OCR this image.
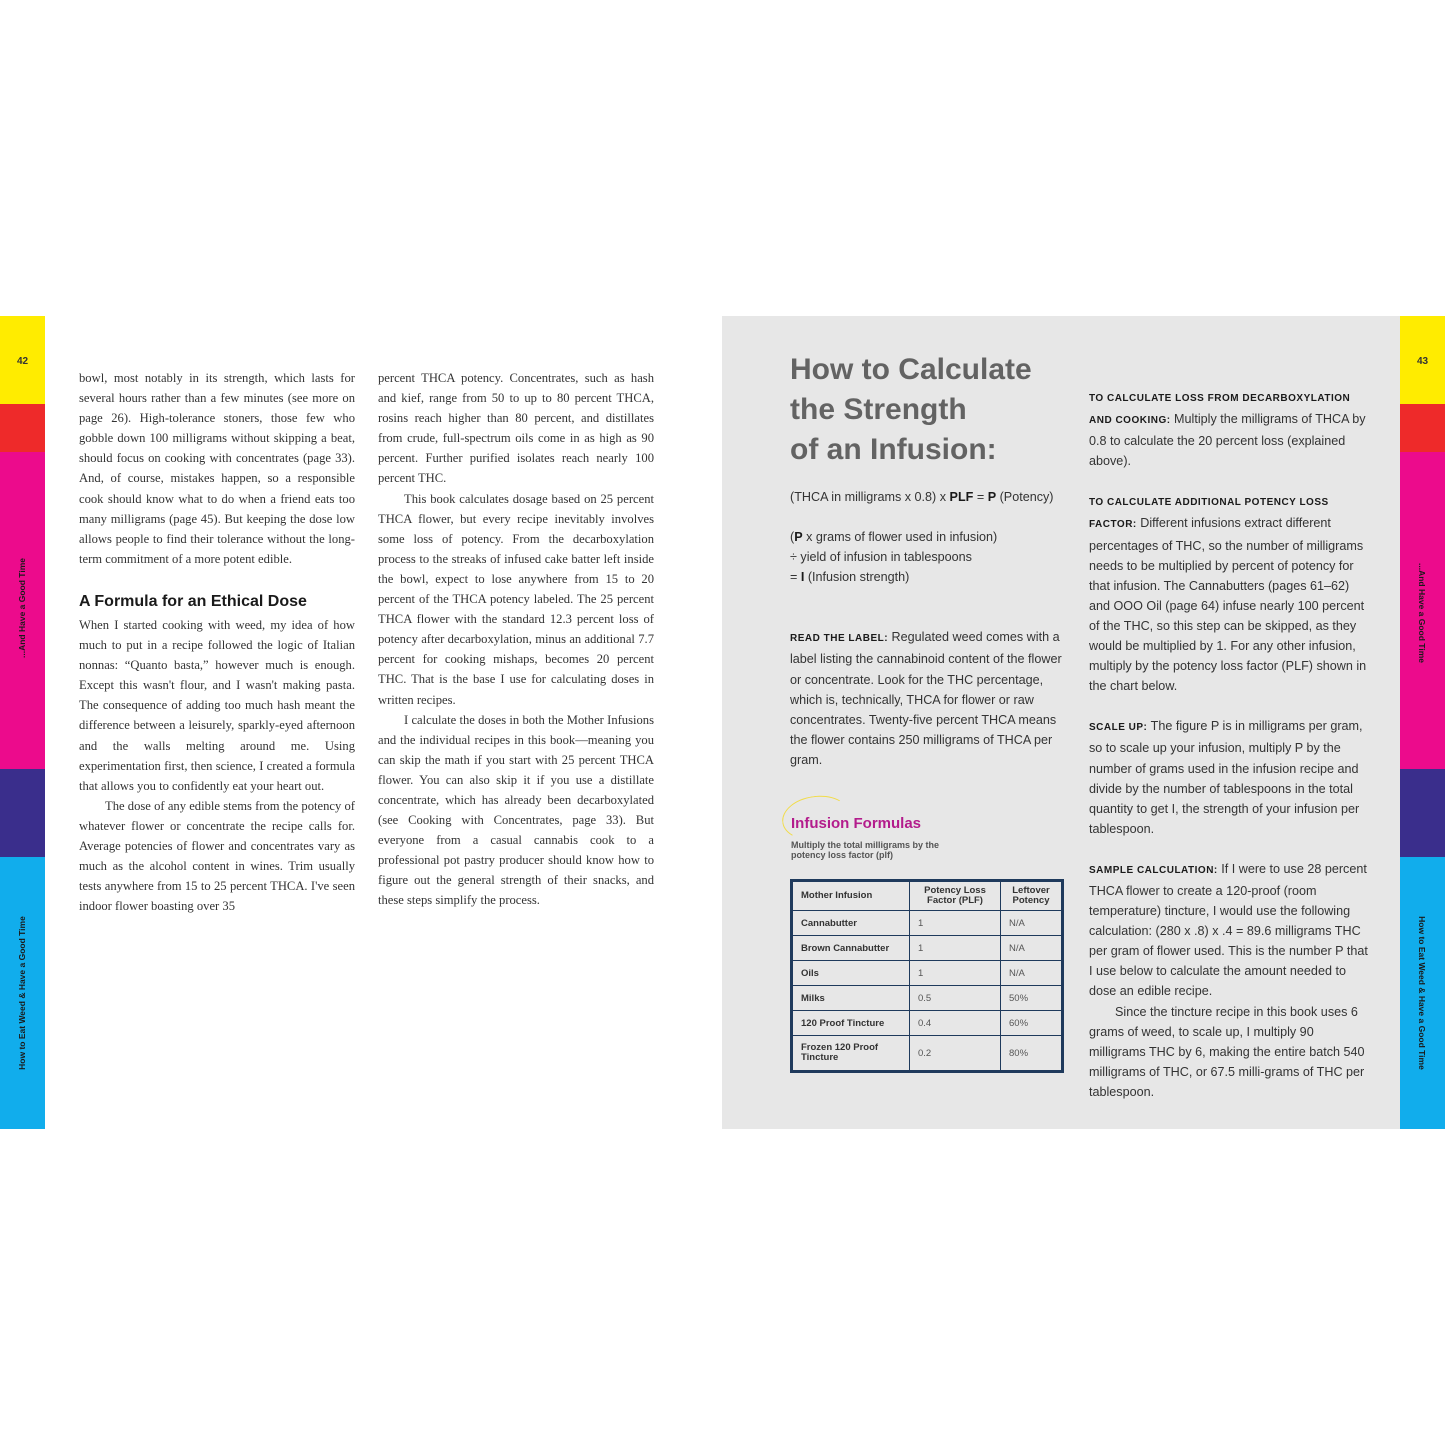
42
...And Have a Good Time
How to Eat Weed & Have a Good Time
43
...And Have a Good Time
How to Eat Weed & Have a Good Time

bowl, most notably in its strength, which lasts for several hours rather than a few minutes (see more on page 26). High-tolerance stoners, those few who gobble down 100 milligrams without skipping a beat, should focus on cooking with concentrates (page 33). And, of course, mistakes happen, so a responsible cook should know what to do when a friend eats too many milligrams (page 45). But keeping the dose low allows people to find their tolerance without the long-term commitment of a more potent edible.

A Formula for an Ethical Dose

When I started cooking with weed, my idea of how much to put in a recipe followed the logic of Italian nonnas: “Quanto basta,” however much is enough. Except this wasn't flour, and I wasn't making pasta. The consequence of adding too much hash meant the difference between a leisurely, sparkly-eyed afternoon and the walls melting around me. Using experimentation first, then science, I created a formula that allows you to confidently eat your heart out.

The dose of any edible stems from the potency of whatever flower or concentrate the recipe calls for. Average potencies of flower and concentrates vary as much as the alcohol content in wines. Trim usually tests anywhere from 15 to 25 percent THCA. I've seen indoor flower boasting over 35

percent THCA potency. Concentrates, such as hash and kief, range from 50 to up to 80 percent THCA, rosins reach higher than 80 percent, and distillates from crude, full-spectrum oils come in as high as 90 percent. Further purified isolates reach nearly 100 percent THC.

This book calculates dosage based on 25 percent THCA flower, but every recipe inevitably involves some loss of potency. From the decarboxylation process to the streaks of infused cake batter left inside the bowl, expect to lose anywhere from 15 to 20 percent of the THCA potency labeled. The 25 percent THCA flower with the standard 12.3 percent loss of potency after decarboxylation, minus an additional 7.7 percent for cooking mishaps, becomes 20 percent THC. That is the base I use for calculating doses in written recipes.

I calculate the doses in both the Mother Infusions and the individual recipes in this book—meaning you can skip the math if you start with 25 percent THCA flower. You can also skip it if you use a distillate concentrate, which has already been decarboxylated (see Cooking with Concentrates, page 33). But everyone from a casual cannabis cook to a professional pot pastry producer should know how to figure out the general strength of their snacks, and these steps simplify the process.

How to Calculate
the Strength
of an Infusion:

(THCA in milligrams x 0.8) x PLF = P (Potency)

(P x grams of flower used in infusion)
÷ yield of infusion in tablespoons
= I (Infusion strength)

READ THE LABEL: Regulated weed comes with a label listing the cannabinoid content of the flower or concentrate. Look for the THC percentage, which is, technically, THCA for flower or raw concentrates. Twenty-five percent THCA means the flower contains 250 milligrams of THCA per gram.

Infusion Formulas
Multiply the total milligrams by the potency loss factor (plf)
Mother Infusion	Potency Loss Factor (PLF)	Leftover Potency
Cannabutter	1	N/A
Brown Cannabutter	1	N/A
Oils	1	N/A
Milks	0.5	50%
120 Proof Tincture	0.4	60%
Frozen 120 Proof Tincture	0.2	80%

TO CALCULATE LOSS FROM DECARBOXYLATION AND COOKING: Multiply the milligrams of THCA by 0.8 to calculate the 20 percent loss (explained above).

TO CALCULATE ADDITIONAL POTENCY LOSS FACTOR: Different infusions extract different percentages of THC, so the number of milligrams needs to be multiplied by percent of potency for that infusion. The Cannabutters (pages 61–62) and OOO Oil (page 64) infuse nearly 100 percent of the THC, so this step can be skipped, as they would be multiplied by 1. For any other infusion, multiply by the potency loss factor (PLF) shown in the chart below.

SCALE UP: The figure P is in milligrams per gram, so to scale up your infusion, multiply P by the number of grams used in the infusion recipe and divide by the number of tablespoons in the total quantity to get I, the strength of your infusion per tablespoon.

SAMPLE CALCULATION: If I were to use 28 percent THCA flower to create a 120-proof (room temperature) tincture, I would use the following calculation: (280 x .8) x .4 = 89.6 milligrams THC per gram of flower used. This is the number P that I use below to calculate the amount needed to dose an edible recipe.

Since the tincture recipe in this book uses 6 grams of weed, to scale up, I multiply 90 milligrams THC by 6, making the entire batch 540 milligrams of THC, or 67.5 milli-grams of THC per tablespoon.
